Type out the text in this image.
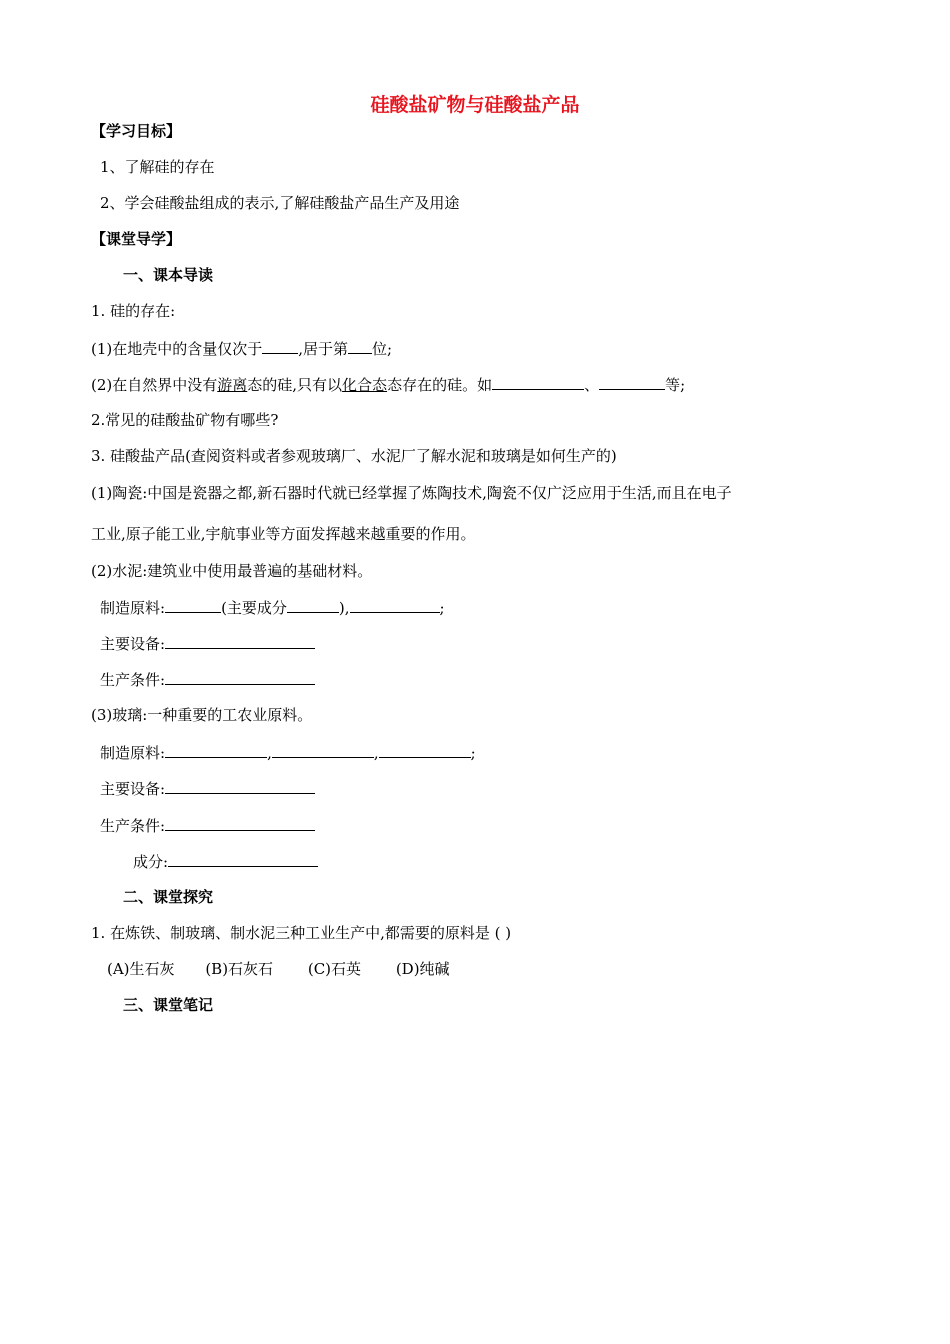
硅酸盐矿物与硅酸盐产品
【学习目标】
1、了解硅的存在
2、学会硅酸盐组成的表示,了解硅酸盐产品生产及用途
【课堂导学】
一、课本导读
1. 硅的存在:
(1)在地壳中的含量仅次于 ,居于第 位;
(2)在自然界中没有游离态的硅,只有以化合态态存在的硅。如	、	等;
2.常见的硅酸盐矿物有哪些?
3. 硅酸盐产品(查阅资料或者参观玻璃厂、水泥厂了解水泥和玻璃是如何生产的)
(1)陶瓷:中国是瓷器之都,新石器时代就已经掌握了炼陶技术,陶瓷不仅广泛应用于生活,而且在电子
工业,原子能工业,宇航事业等方面发挥越来越重要的作用。
(2)水泥:建筑业中使用最普遍的基础材料。
制造原料:	(主要成分	),	;
主要设备:
生产条件:
(3)玻璃:一种重要的工农业原料。
制造原料:	,	,	;
主要设备:
生产条件:
成分:
二、课堂探究
1. 在炼铁、制玻璃、制水泥三种工业生产中,都需要的原料是 ( )
(A)生石灰 (B)石灰石 (C)石英 (D)纯碱
三、课堂笔记
